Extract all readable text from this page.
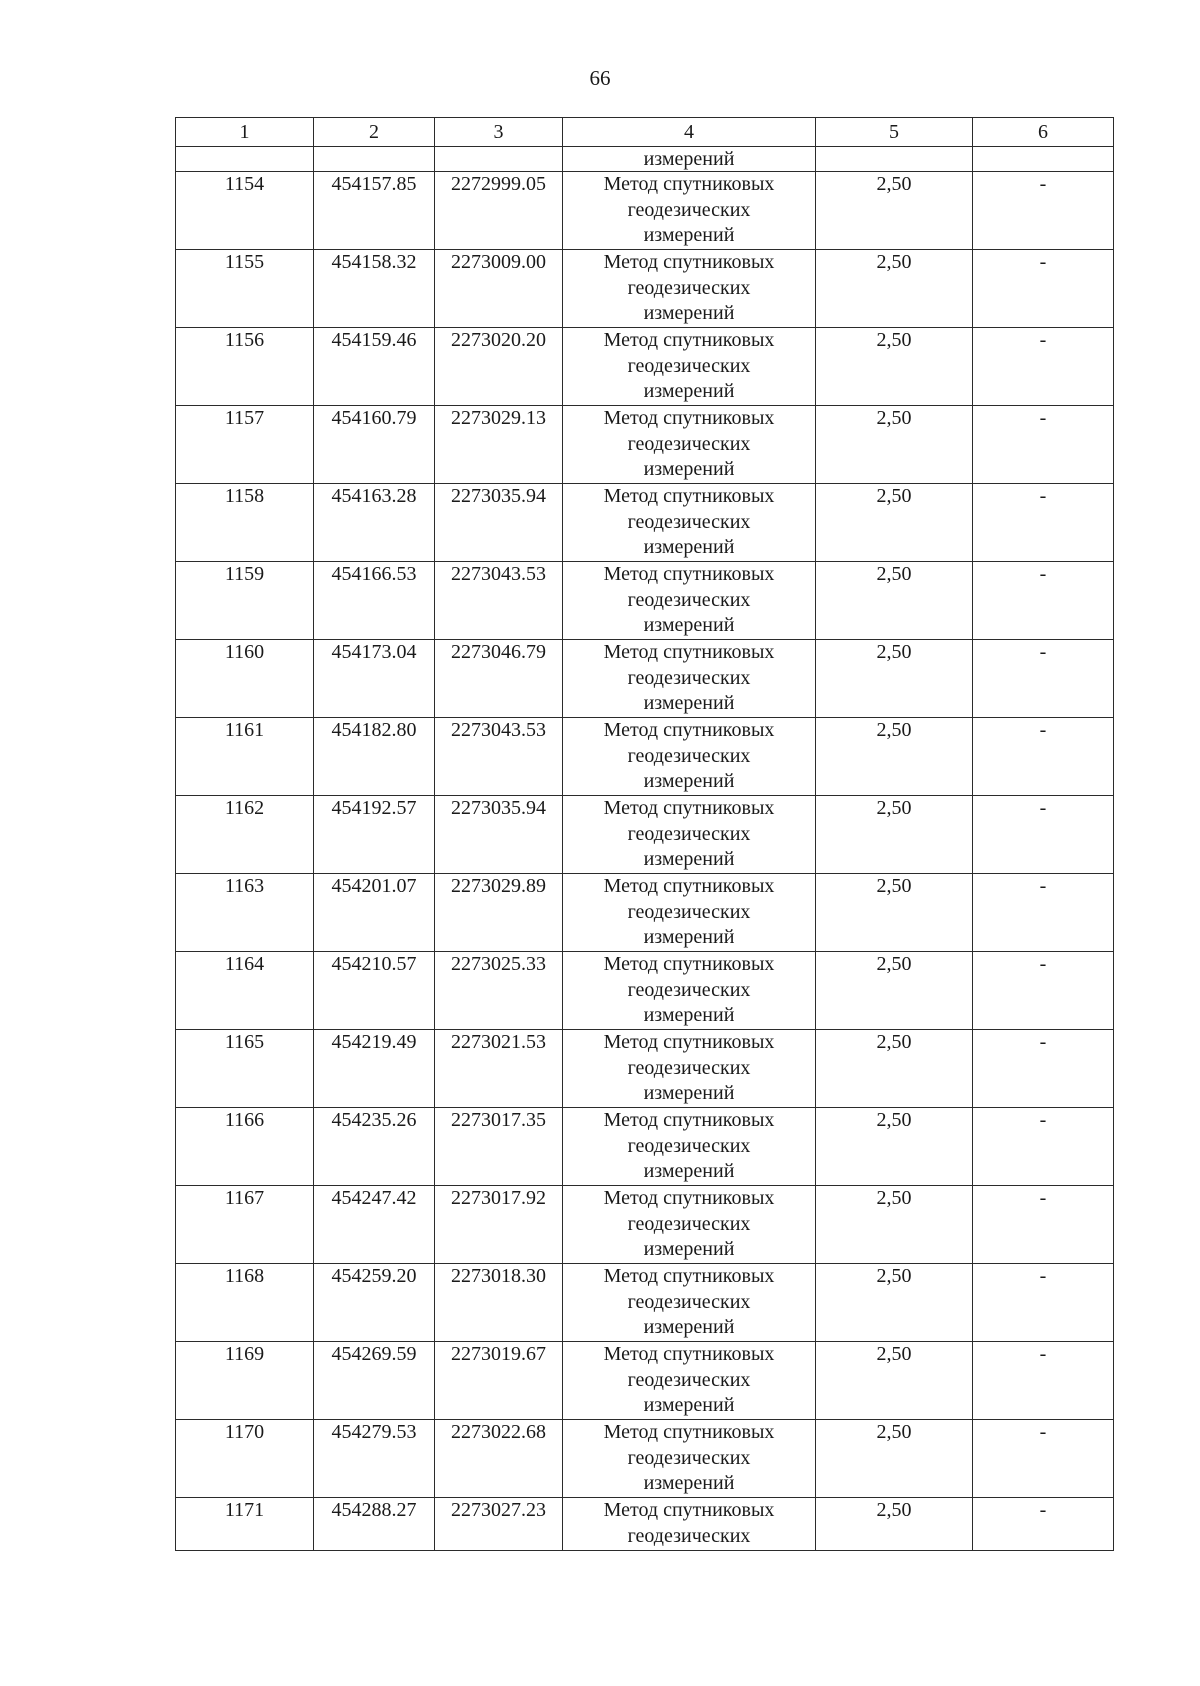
66
1	2	3	4	5	6
			измерений		
1154	454157.85	2272999.05	Метод спутниковых
геодезических
измерений	2,50	-
1155	454158.32	2273009.00	Метод спутниковых
геодезических
измерений	2,50	-
1156	454159.46	2273020.20	Метод спутниковых
геодезических
измерений	2,50	-
1157	454160.79	2273029.13	Метод спутниковых
геодезических
измерений	2,50	-
1158	454163.28	2273035.94	Метод спутниковых
геодезических
измерений	2,50	-
1159	454166.53	2273043.53	Метод спутниковых
геодезических
измерений	2,50	-
1160	454173.04	2273046.79	Метод спутниковых
геодезических
измерений	2,50	-
1161	454182.80	2273043.53	Метод спутниковых
геодезических
измерений	2,50	-
1162	454192.57	2273035.94	Метод спутниковых
геодезических
измерений	2,50	-
1163	454201.07	2273029.89	Метод спутниковых
геодезических
измерений	2,50	-
1164	454210.57	2273025.33	Метод спутниковых
геодезических
измерений	2,50	-
1165	454219.49	2273021.53	Метод спутниковых
геодезических
измерений	2,50	-
1166	454235.26	2273017.35	Метод спутниковых
геодезических
измерений	2,50	-
1167	454247.42	2273017.92	Метод спутниковых
геодезических
измерений	2,50	-
1168	454259.20	2273018.30	Метод спутниковых
геодезических
измерений	2,50	-
1169	454269.59	2273019.67	Метод спутниковых
геодезических
измерений	2,50	-
1170	454279.53	2273022.68	Метод спутниковых
геодезических
измерений	2,50	-
1171	454288.27	2273027.23	Метод спутниковых
геодезических	2,50	-
